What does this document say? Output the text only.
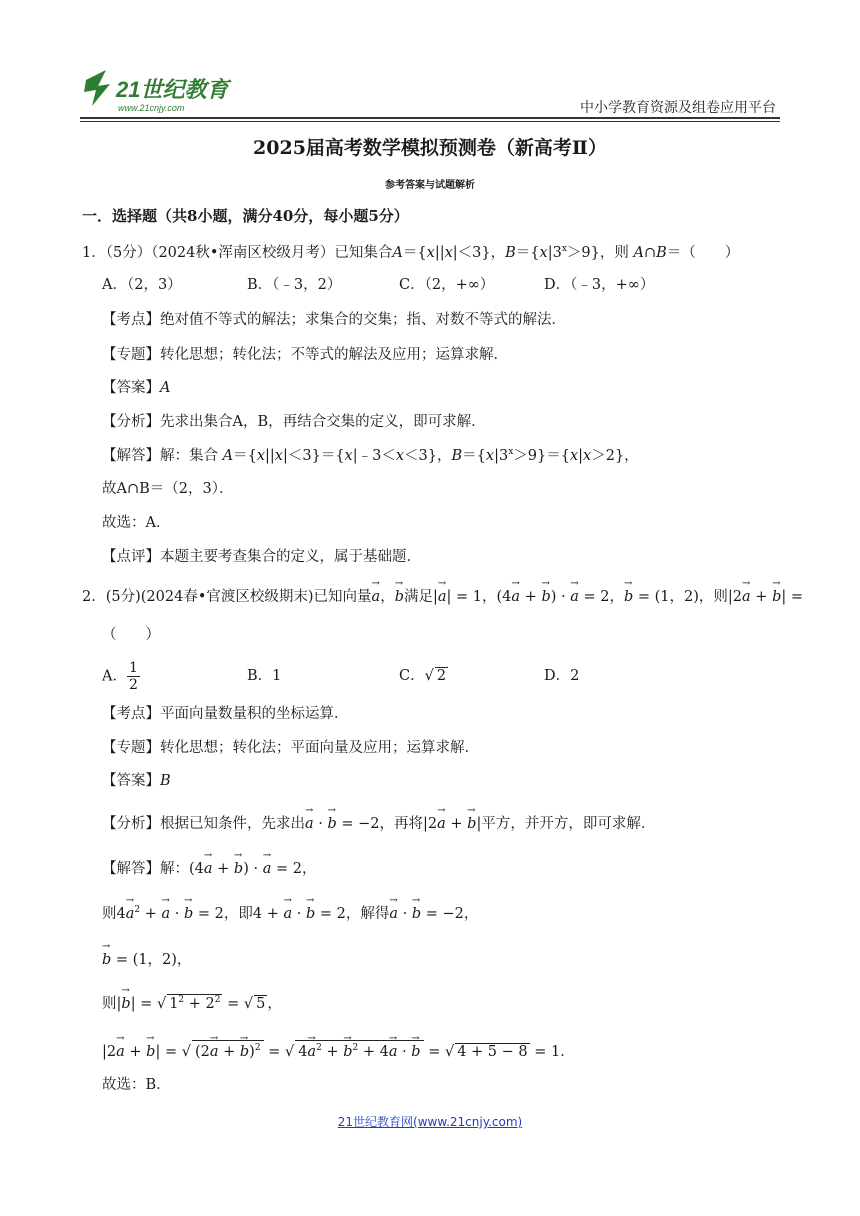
21世纪教育
www.21cnjy.com	中小学教育资源及组卷应用平台
2025届高考数学模拟预测卷（新高考Ⅱ）
参考答案与试题解析
一．选择题（共8小题，满分40分，每小题5分）
1．（5分）（2024秋•浑南区校级月考）已知集合A＝{x||x|＜3}，$B=\{x|3^x>9\}$，则 A∩B＝（　　）
A．（2，3）	B．（﹣3，2）	C．（2，+∞）	D．（﹣3，+∞）
【考点】绝对值不等式的解法；求集合的交集；指、对数不等式的解法．
【专题】转化思想；转化法；不等式的解法及应用；运算求解．
【答案】A
【分析】先求出集合A，B，再结合交集的定义，即可求解．
【解答】解：集合 A＝{x||x|＜3}＝{x|﹣3＜x＜3}，$B=\{x|3^x>9\}=\{x|x>2\}$，
故A∩B＝（2，3）．
故选：A．
【点评】本题主要考查集合的定义，属于基础题．
2．(5分)(2024春•官渡区校级期末)已知向量→ a，→ b满足|→ a| = 1，(4→ a + → b) · → a = 2，→ b = (1，2)，则|2→ a + → b| =
（　　）
A． $\frac{1}{2}$	B．1	C．√ 2	D．2
【考点】平面向量数量积的坐标运算．
【专题】转化思想；转化法；平面向量及应用；运算求解．
【答案】B
【分析】根据已知条件，先求出→ a · → b = −2，再将|2→ a + → b|平方，并开方，即可求解．
【解答】解：(4→ a + → b) · → a = 2，
则$4\to a^2$ + → a · → b = 2，即4 + → a · → b = 2，解得→ a · → b = −2，
→ b = (1，2)，
则|→ b| = √ $1^2 + 2^2$ = √ 5 ，
|2→ a + → b| = √ (2→ a + → b)$^2$ = √ $4\to a^2$ + → $b^2 + 4\to a$ · → b = √ 4 + 5 − 8 = 1．
故选：B．
21世纪教育网(www.21cnjy.com)
